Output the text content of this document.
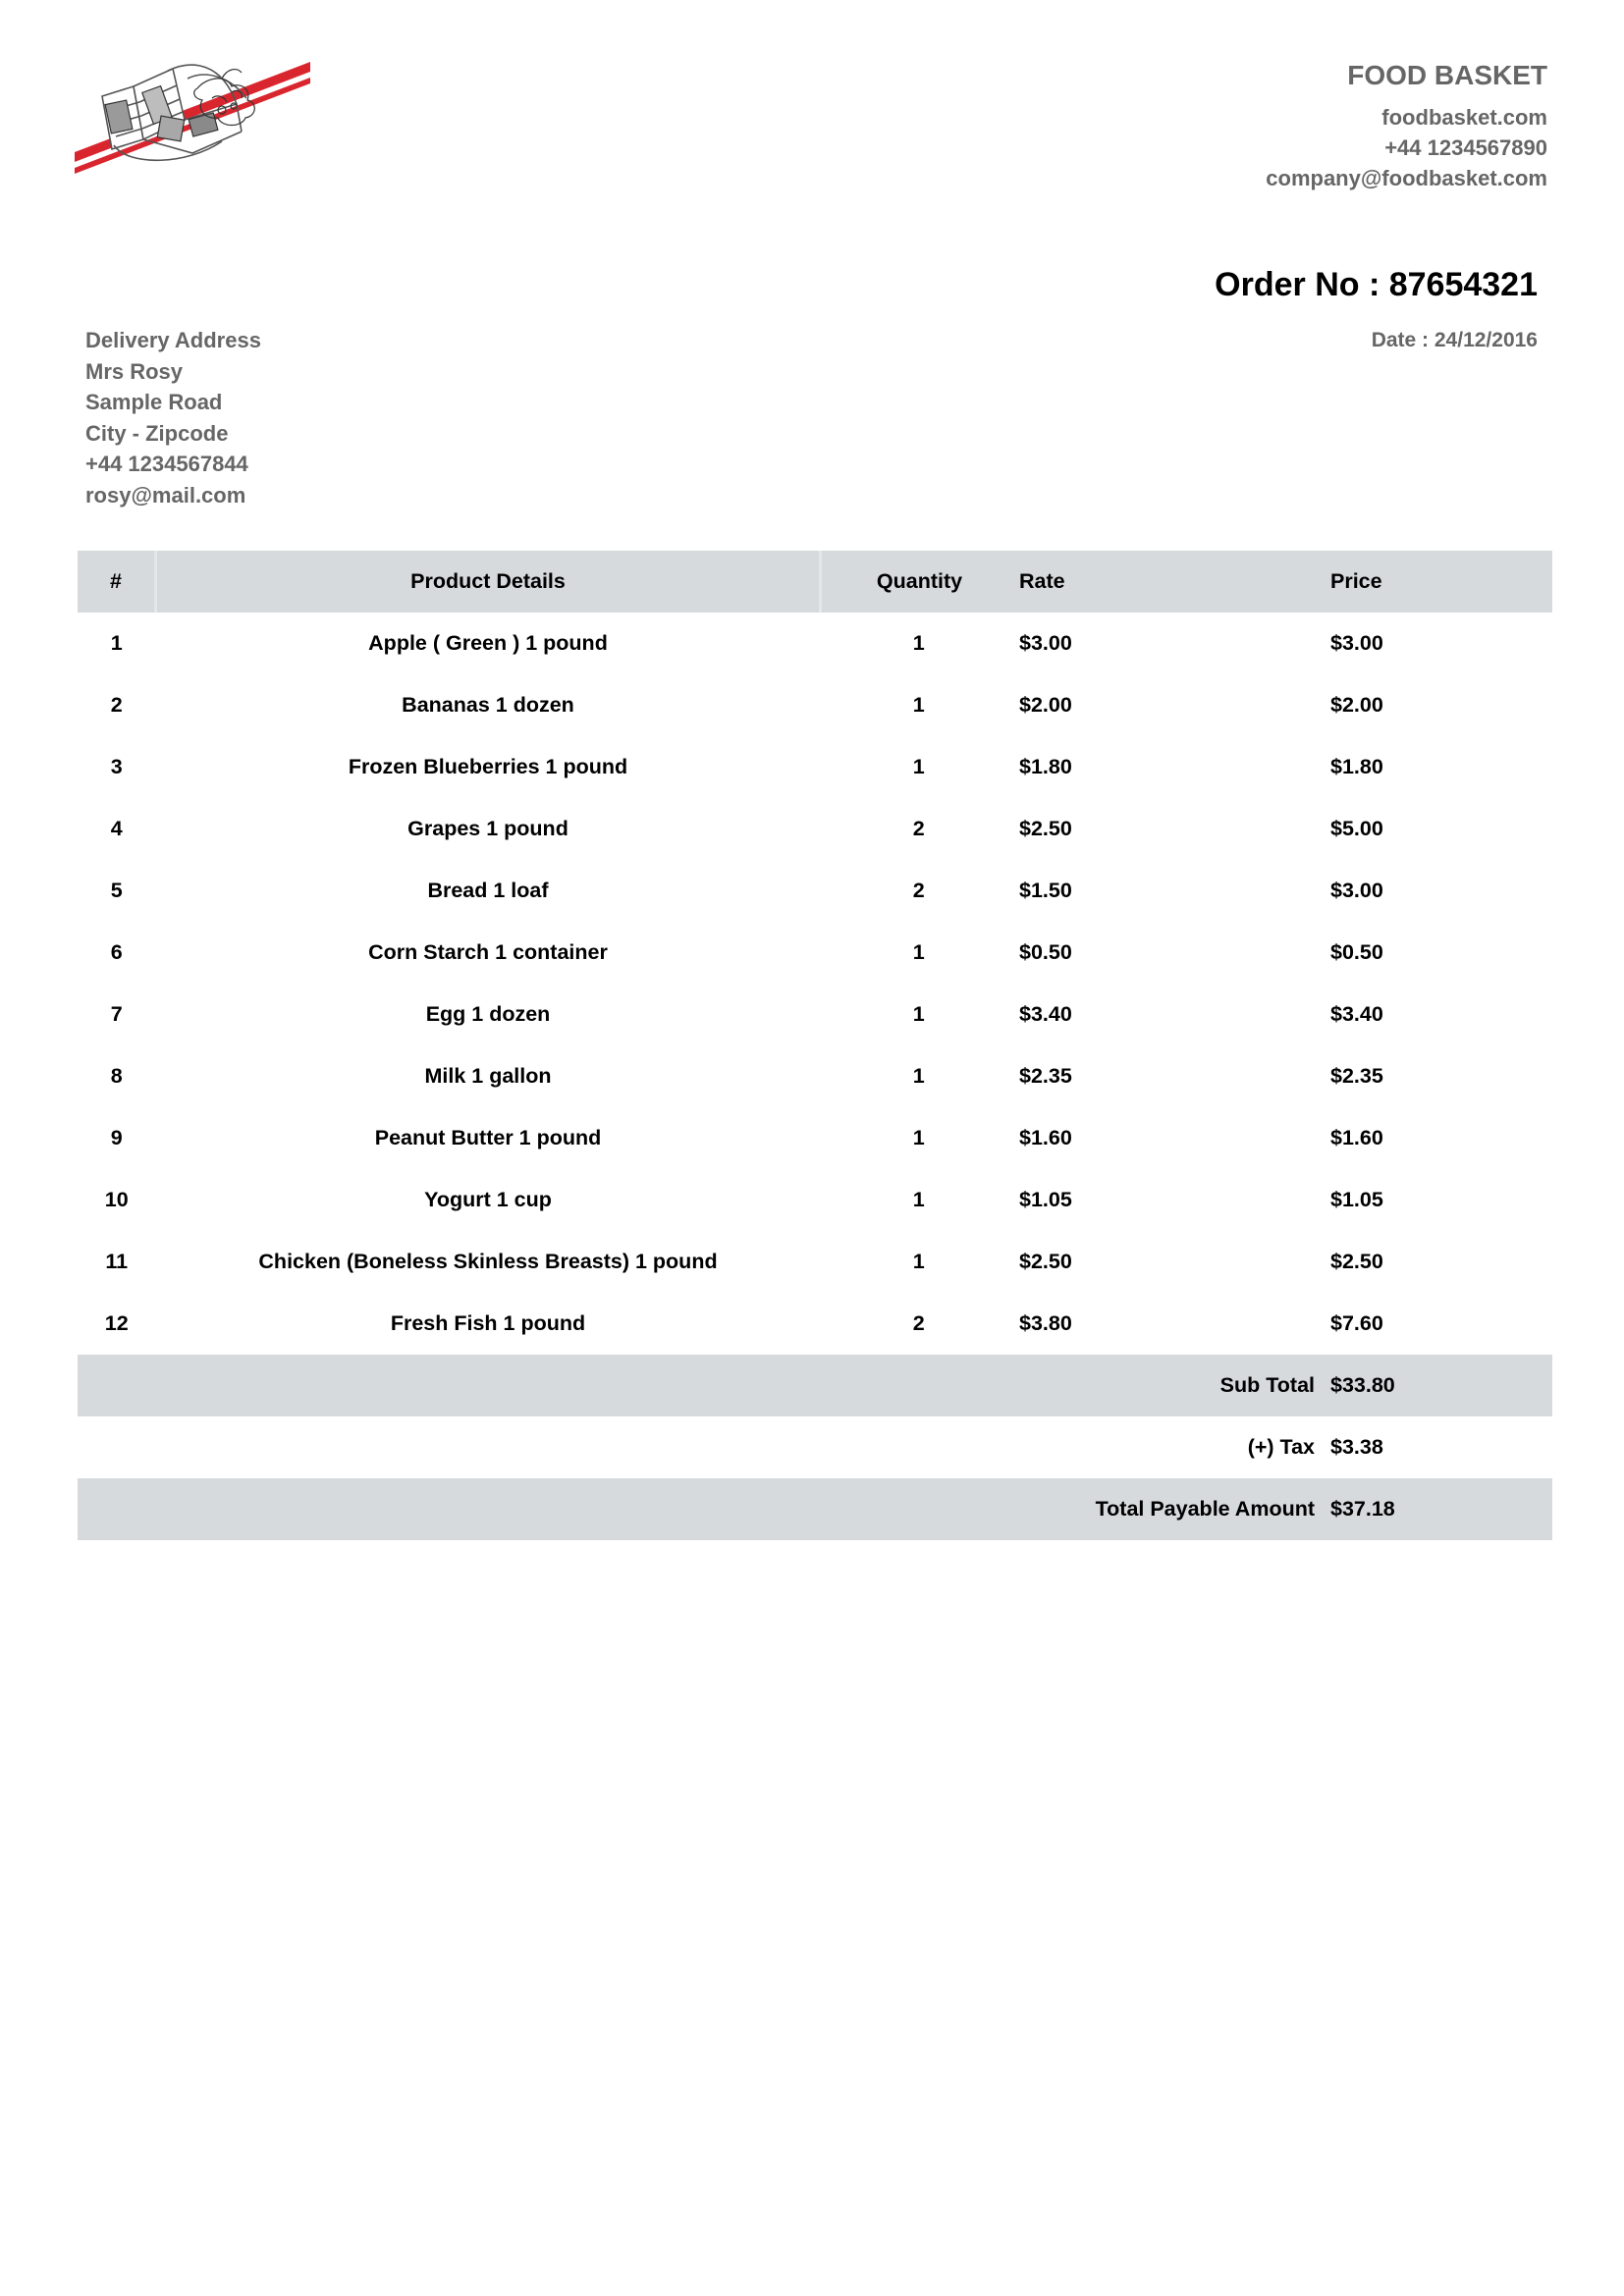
FOOD BASKET
foodbasket.com
+44 1234567890
company@foodbasket.com
Order No : 87654321
Date : 24/12/2016
Delivery Address
Mrs Rosy
Sample Road
City - Zipcode
+44 1234567844
rosy@mail.com
#	Product Details	Quantity	Rate	Price
1	Apple ( Green ) 1 pound	1	$3.00	$3.00
2	Bananas 1 dozen	1	$2.00	$2.00
3	Frozen Blueberries 1 pound	1	$1.80	$1.80
4	Grapes 1 pound	2	$2.50	$5.00
5	Bread 1 loaf	2	$1.50	$3.00
6	Corn Starch 1 container	1	$0.50	$0.50
7	Egg 1 dozen	1	$3.40	$3.40
8	Milk 1 gallon	1	$2.35	$2.35
9	Peanut Butter 1 pound	1	$1.60	$1.60
10	Yogurt 1 cup	1	$1.05	$1.05
11	Chicken (Boneless Skinless Breasts) 1 pound	1	$2.50	$2.50
12	Fresh Fish 1 pound	2	$3.80	$7.60
Sub Total				$33.80
(+) Tax				$3.38
Total Payable Amount				$37.18
